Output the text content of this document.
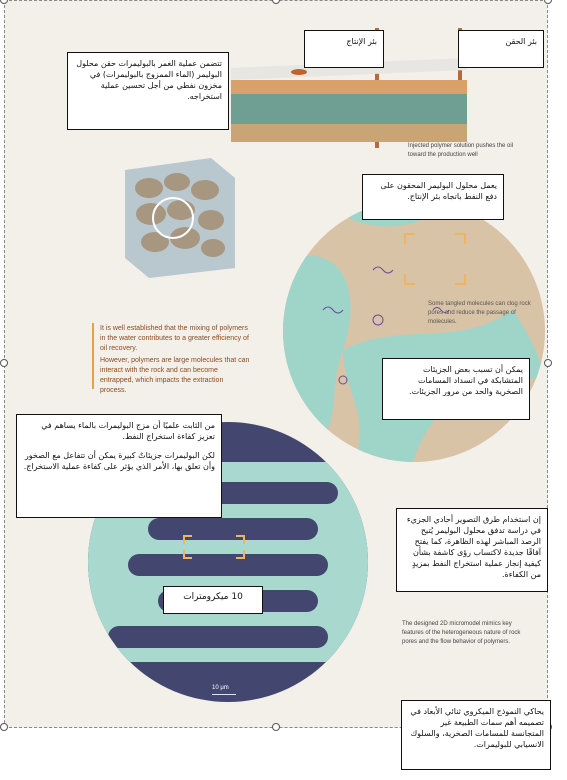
Injected polymer solution pushes the oil toward the production well
Some tangled molecules can clog rock pores and reduce the passage of molecules.
It is well established that the mixing of polymers in the water contributes to a greater efficiency of oil recovery.
However, polymers are large molecules that can interact with the rock and can become entrapped, which impacts the extraction process.
The designed 2D micromodel mimics key features of the heterogeneous nature of rock pores and the flow behavior of polymers.
10 μm
بئر الإنتاج	بئر الحقن
تتضمن عملية الغمر بالبوليمرات حقن محلول البوليمر (الماء الممزوج بالبوليمرات) في مخزون نفطي من أجل تحسين عملية استخراجه.
يعمل محلول البوليمر المحقون على دفع النفط باتجاه بئر الإنتاج.
يمكن أن تسبب بعض الجزيئات المتشابكة في انسداد المسامات الصخرية والحد من مرور الجزيئات.
من الثابت علميًا أن مزج البوليمرات بالماء يساهم في تعزيز كفاءة استخراج النفط.
لكن البوليمرات جزيئاتٌ كبيرة يمكن أن تتفاعل مع الصخور وأن تعلق بها، الأمر الذي يؤثر على كفاءة عملية الاستخراج.
إن استخدام طرق التصوير أحادي الجزيء في دراسة تدفق محلول البوليمر يُتيح الرصد المباشر لهذه الظاهرة، كما يفتح آفاقًا جديدة لاكتساب رؤى كاشفة بشأن كيفية إنجاز عملية استخراج النفط بمزيدٍ من الكفاءة.
10 ميكرومترات
يحاكي النموذج الميكروي ثنائي الأبعاد في تصميمه أهم سمات الطبيعة غير المتجانسة للمسامات الصخرية، والسلوك الانسيابي للبوليمرات.
